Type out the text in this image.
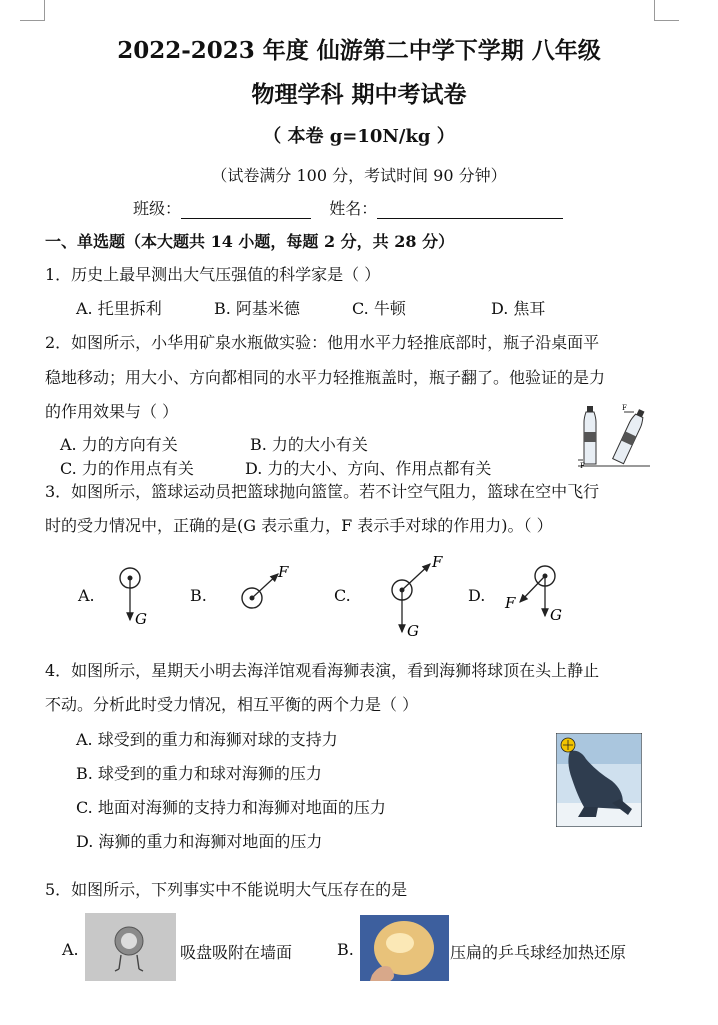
2022-2023 年度 仙游第二中学下学期 八年级
物理学科 期中考试卷
（ 本卷 g=10N/kg ）
（试卷满分 100 分，考试时间 90 分钟）
班级：	姓名：
一、单选题（本大题共 14 小题，每题 2 分，共 28 分）
1．历史上最早测出大气压强值的科学家是（ ）
A. 托里拆利	B. 阿基米德	C. 牛顿	D. 焦耳
2．如图所示，小华用矿泉水瓶做实验：他用水平力轻推底部时，瓶子沿桌面平
稳地移动；用大小、方向都相同的水平力轻推瓶盖时，瓶子翻了。他验证的是力
的作用效果与（ ）
A. 力的方向有关	B. 力的大小有关
C. 力的作用点有关	D. 力的大小、方向、作用点都有关	F
F
3．如图所示，篮球运动员把篮球抛向篮筐。若不计空气阻力，篮球在空中飞行
时的受力情况中，正确的是(G 表示重力，F 表示手对球的作用力)。（ ）
A.	B.	C.	D.
G
F
F
G
F
G
4．如图所示，星期天小明去海洋馆观看海狮表演，看到海狮将球顶在头上静止
不动。分析此时受力情况，相互平衡的两个力是（ ）
A. 球受到的重力和海狮对球的支持力
B. 球受到的重力和球对海狮的压力
C. 地面对海狮的支持力和海狮对地面的压力
D. 海狮的重力和海狮对地面的压力
5．如图所示，下列事实中不能说明大气压存在的是
A.	吸盘吸附在墙面	B.	压扁的乒乓球经加热还原
